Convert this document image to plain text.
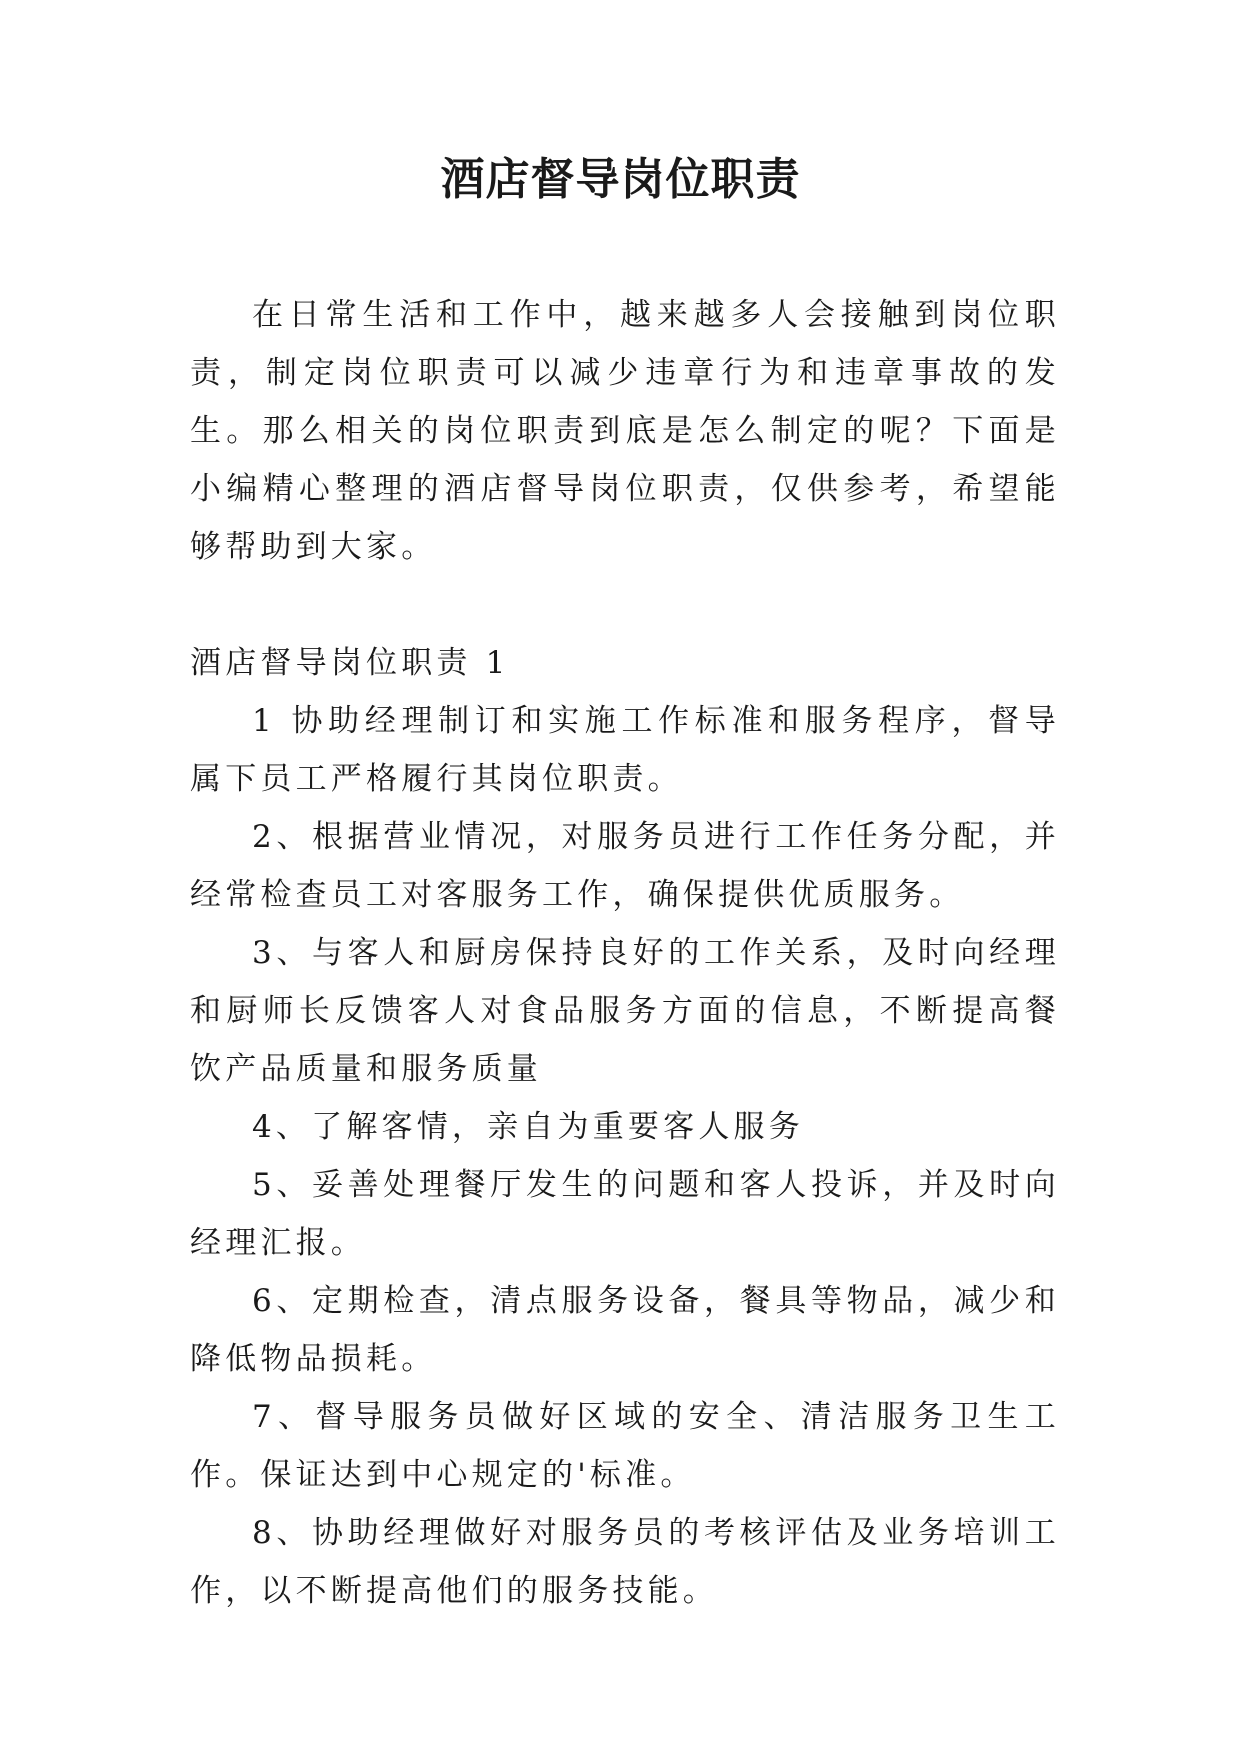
酒店督导岗位职责

在日常生活和工作中，越来越多人会接触到岗位职责，制定岗位职责可以减少违章行为和违章事故的发生。那么相关的岗位职责到底是怎么制定的呢？下面是小编精心整理的酒店督导岗位职责，仅供参考，希望能够帮助到大家。

酒店督导岗位职责 1

1 协助经理制订和实施工作标准和服务程序，督导属下员工严格履行其岗位职责。

2、根据营业情况，对服务员进行工作任务分配，并经常检查员工对客服务工作，确保提供优质服务。

3、与客人和厨房保持良好的工作关系，及时向经理和厨师长反馈客人对食品服务方面的信息，不断提高餐饮产品质量和服务质量

4、了解客情，亲自为重要客人服务

5、妥善处理餐厅发生的问题和客人投诉，并及时向经理汇报。

6、定期检查，清点服务设备，餐具等物品，减少和降低物品损耗。

7、督导服务员做好区域的安全、清洁服务卫生工作。保证达到中心规定的'标准。

8、协助经理做好对服务员的考核评估及业务培训工作，以不断提高他们的服务技能。
